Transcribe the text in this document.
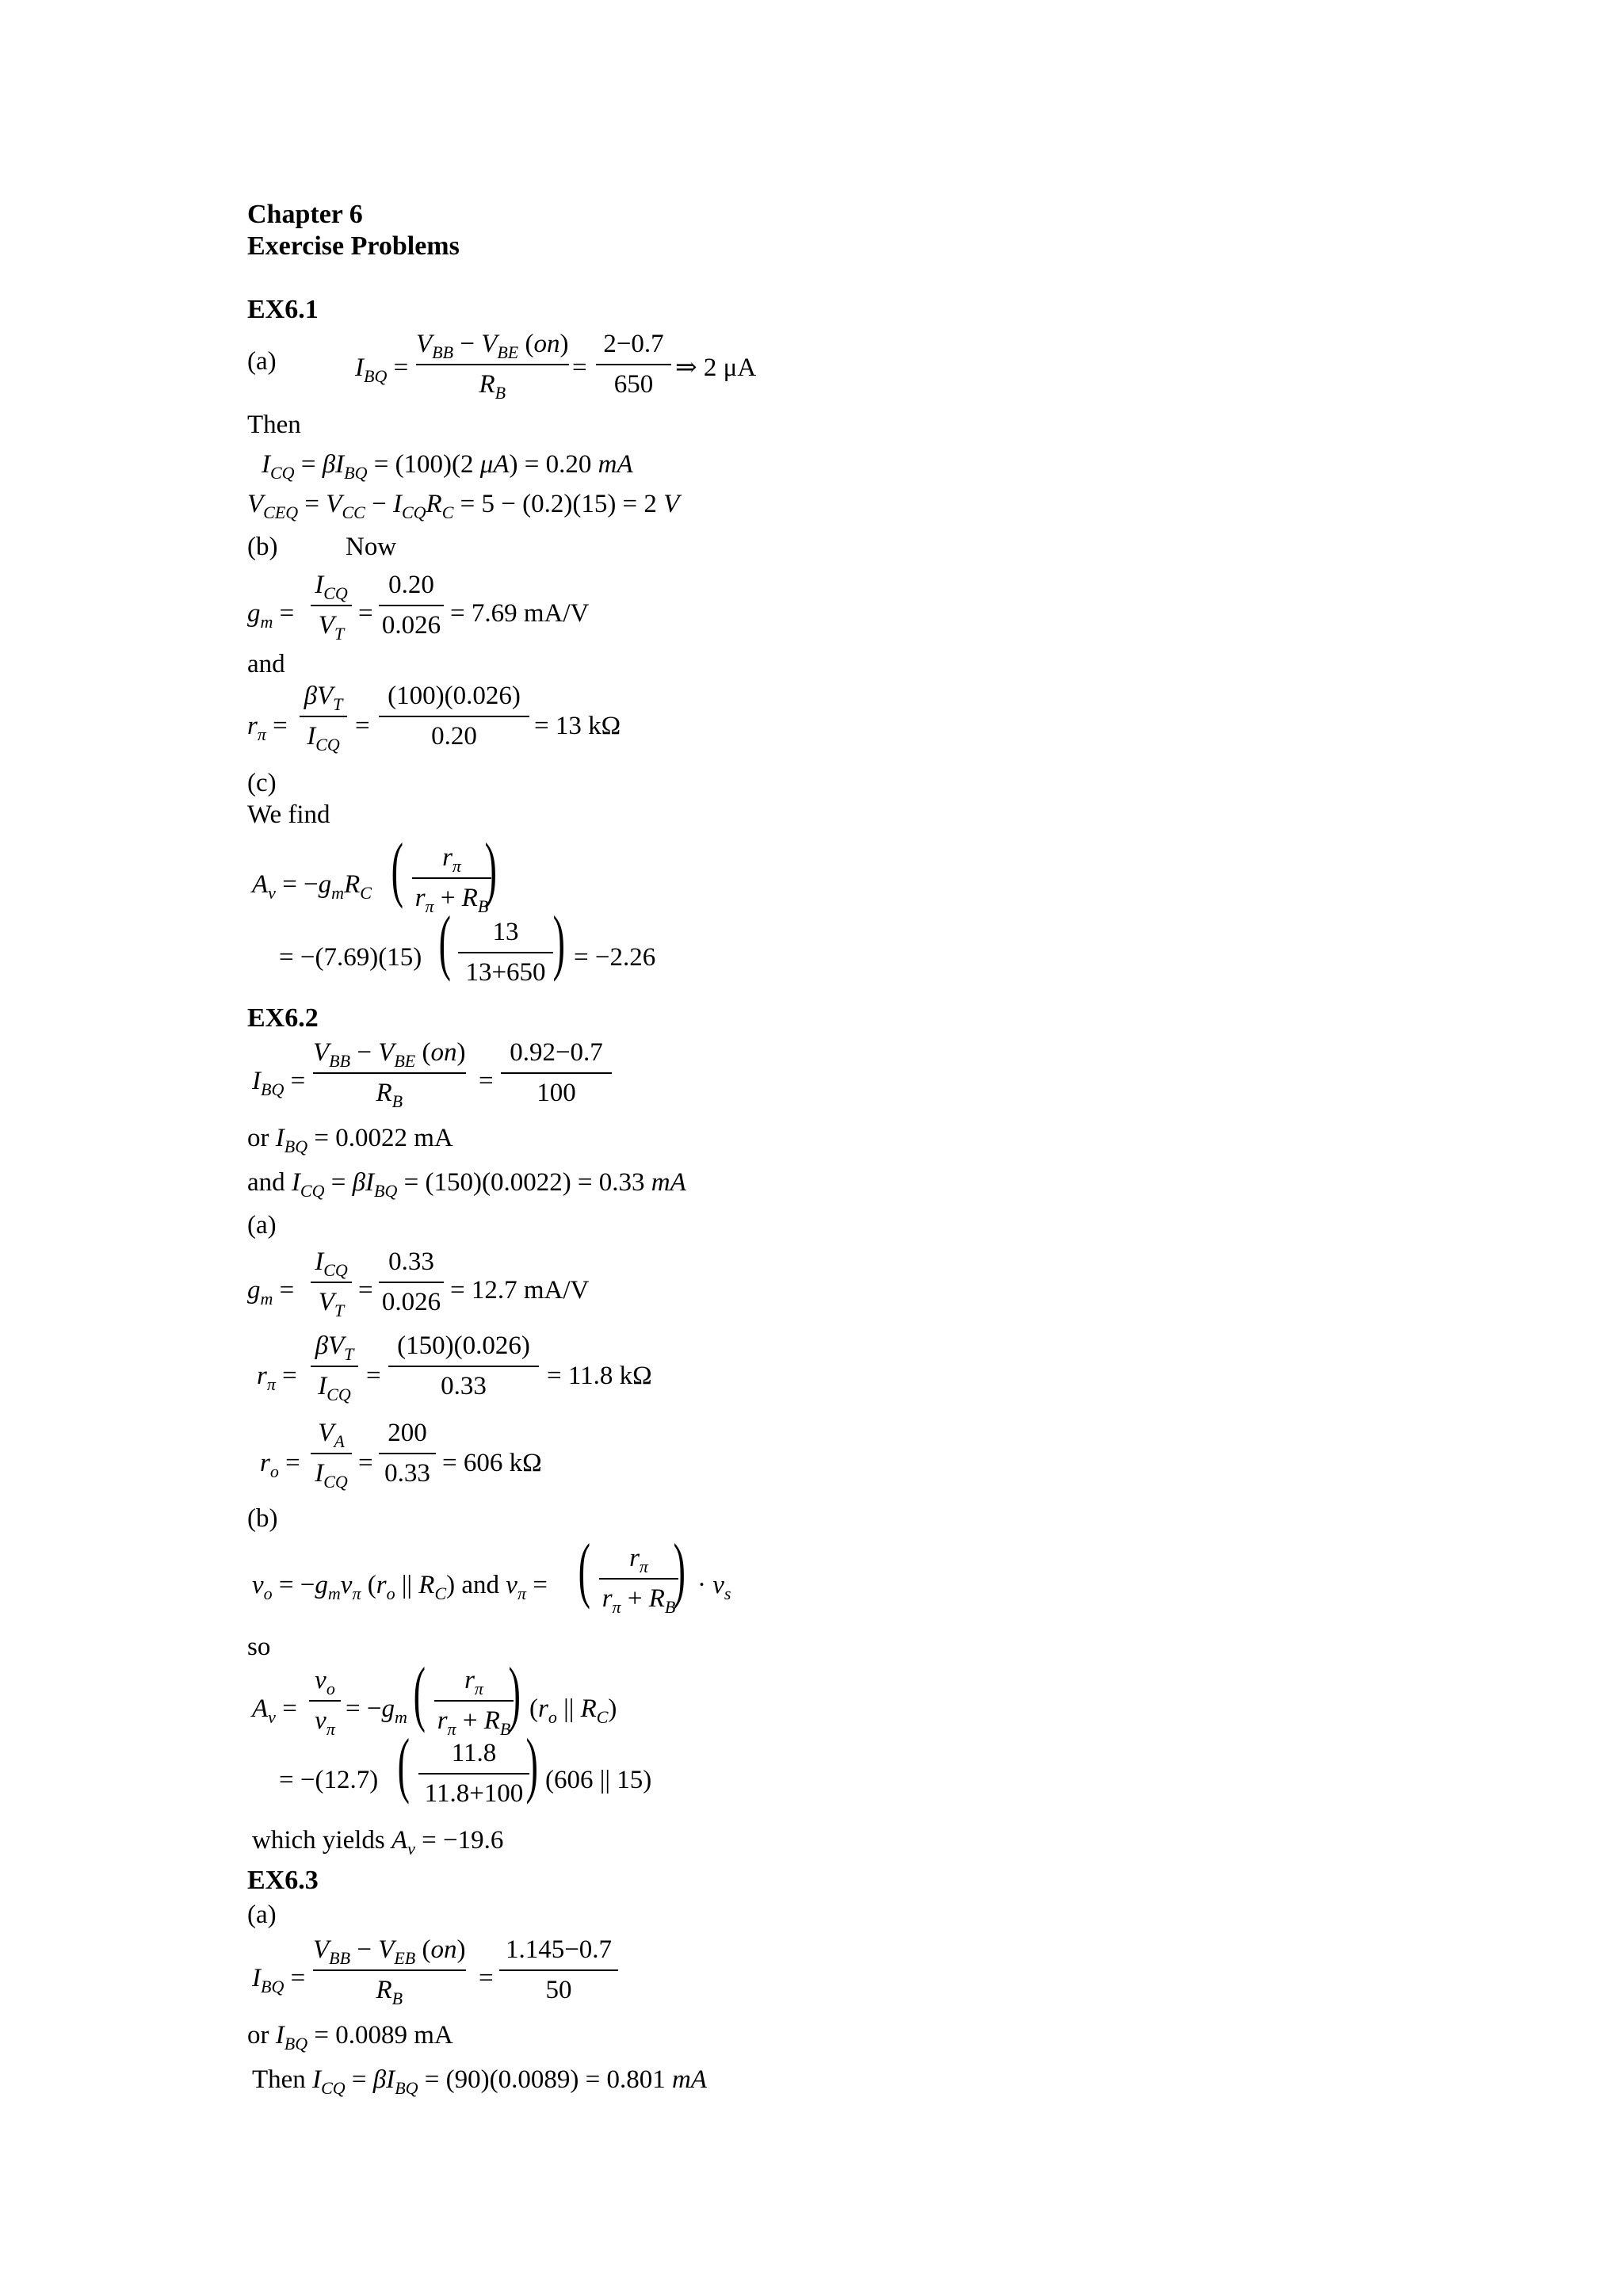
Chapter 6
Exercise Problems
EX6.1
(a)	$I_{BQ}$ =
$V_{BB} - V_{BE}$ (on)
$R_B$
= $\frac{2-0.7}{650}$ ⇒ 2 μA
Then
$I_{CQ} = \beta I_{BQ} = (100)(2$ μA) = 0.20 mA
$V_{CEQ} = V_{CC} - I_{CQ}R_C = 5 - (0.2)(15) = 2$ V
(b)	Now
$g_m$ =
$I_{CQ}$
$V_T$
= $\frac{0.20}{0.026} = 7.69$ mA/V
and
$r_\pi$ =
$\beta V_T$
$I_{CQ}$
= $\frac{(100)(0.026)}{0.20} = 13$ kΩ
(c)
We find
$A_v = -g_mR_C$ ( $\frac{r_\pi}{r_\pi + R_B}$
)
= −(7.69)(15) ( $\frac{13}{13+650}$ ) = −2.26
EX6.2
$I_{BQ}$ =
$V_{BB} - V_{BE}$ (on)
$R_B$
= $\frac{0.92-0.7}{100}$
or $I_{BQ} = 0.0022$ mA
and $I_{CQ} = \beta I_{BQ} = (150)(0.0022) = 0.33$ mA
(a)
$g_m$ =
$I_{CQ}$
$V_T$
= $\frac{0.33}{0.026} = 12.7$ mA/V
$r_\pi$ =
$\beta V_T$
$I_{CQ}$
= $\frac{(150)(0.026)}{0.33} = 11.8$ kΩ
$r_o$ =
$V_A$
$I_{CQ}$
= $\frac{200}{0.33} = 606$ kΩ
(b)
$v_o = -g_mv_\pi$ ($r_o$ || $R_C$) and $v_\pi$ = ( $\frac{r_\pi}{r_\pi + R_B}$
) · $v_s$
so
$A_v = \frac{v_o}{v_\pi} = -g_m$ ( $\frac{r_\pi}{r_\pi + R_B}$
) ($r_o$ || $R_C$)
= −(12.7) ( $\frac{11.8}{11.8+100}$
) (606 || 15)
which yields $A_v = -19.6$
EX6.3
(a)
$I_{BQ}$ =
$V_{BB} - V_{EB}$ (on)
$R_B$
= $\frac{1.145-0.7}{50}$
or $I_{BQ} = 0.0089$ mA
Then $I_{CQ} = \beta I_{BQ} = (90)(0.0089) = 0.801$ mA
